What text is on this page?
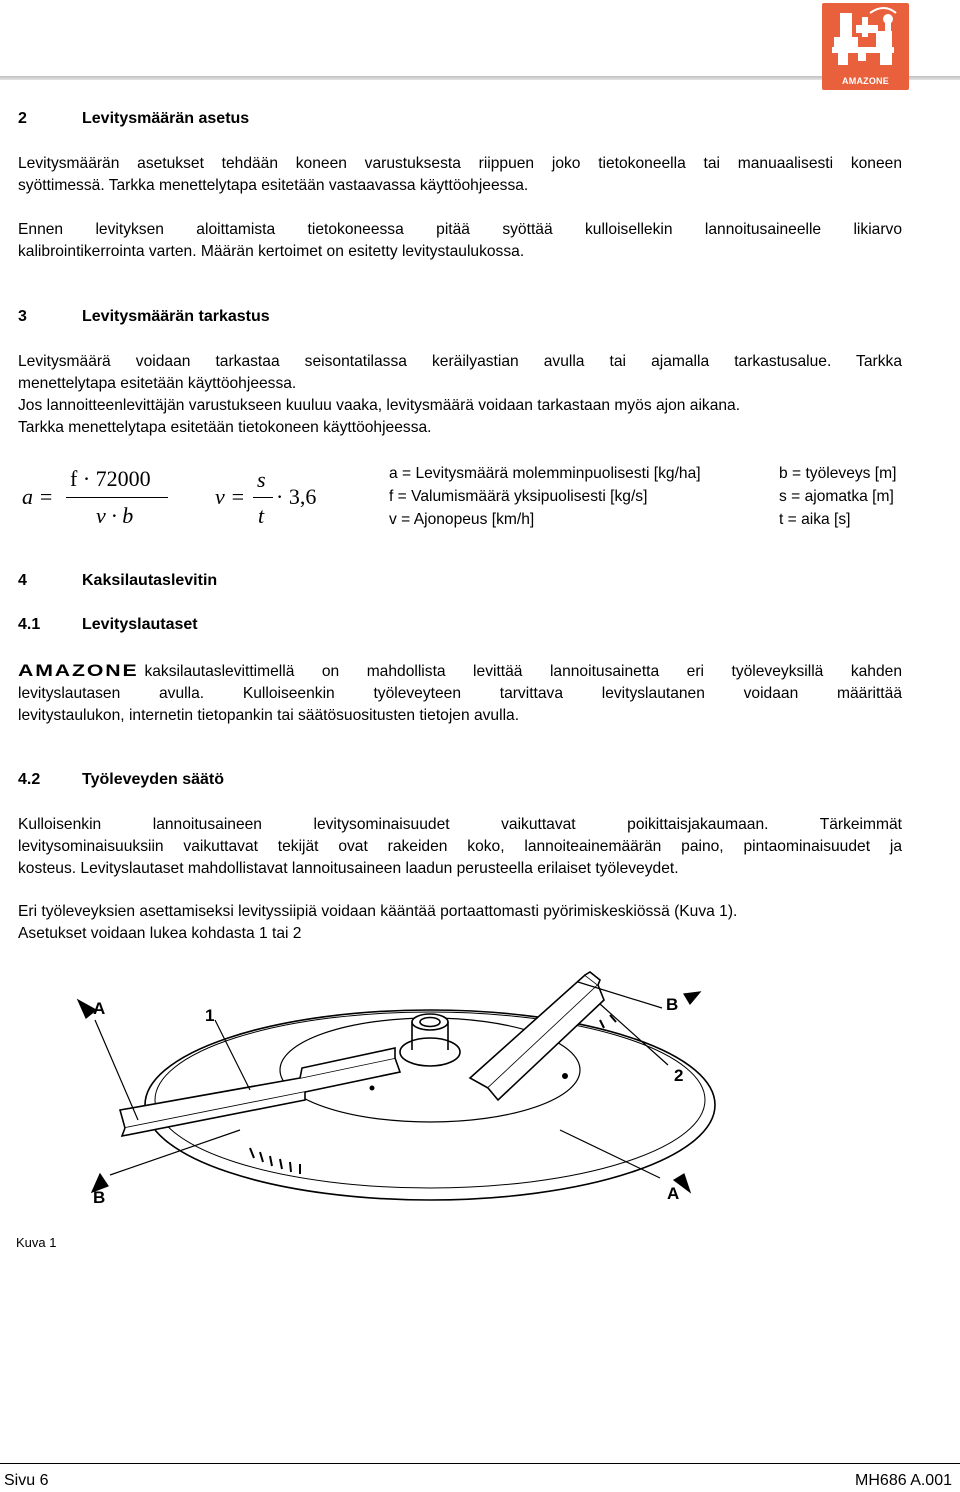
AMAZONE
2	Levitysmäärän asetus
Levitysmäärän asetukset tehdään koneen varustuksesta riippuen joko tietokoneella tai manuaalisesti koneen
syöttimessä. Tarkka menettelytapa esitetään vastaavassa käyttöohjeessa.
Ennen levityksen aloittamista tietokoneessa pitää syöttää kulloisellekin lannoitusaineelle likiarvo
kalibrointikerrointa varten. Määrän kertoimet on esitetty levitystaulukossa.
3	Levitysmäärän tarkastus
Levitysmäärä voidaan tarkastaa seisontatilassa keräilyastian avulla tai ajamalla tarkastusalue. Tarkka
menettelytapa esitetään käyttöohjeessa.
Jos lannoitteenlevittäjän varustukseen kuuluu vaaka, levitysmäärä voidaan tarkastaan myös ajon aikana.
Tarkka menettelytapa esitetään tietokoneen käyttöohjeessa.
a =
f · 72000
v · b
v =
s
t
· 3,6
a = Levitysmäärä molemminpuolisesti [kg/ha]
f = Valumismäärä yksipuolisesti [kg/s]
v = Ajonopeus [km/h]
b = työleveys [m]
s = ajomatka [m]
t = aika [s]
4	Kaksilautaslevitin
4.1	Levityslautaset
AMAZONE kaksilautaslevittimellä on mahdollista levittää lannoitusainetta eri työleveyksillä kahden
levityslautasen avulla. Kulloiseenkin työleveyteen tarvittava levityslautanen voidaan määrittää
levitystaulukon, internetin tietopankin tai säätösuositusten tietojen avulla.
4.2	Työleveyden säätö
Kulloisenkin lannoitusaineen levitysominaisuudet vaikuttavat poikittaisjakaumaan. Tärkeimmät
levitysominaisuuksiin vaikuttavat tekijät ovat rakeiden koko, lannoiteainemäärän paino, pintaominaisuudet ja
kosteus. Levityslautaset mahdollistavat lannoitusaineen laadun perusteella erilaiset työleveydet.
Eri työleveyksien asettamiseksi levityssiipiä voidaan kääntää portaattomasti pyörimiskeskiössä (Kuva 1).
Asetukset voidaan lukea kohdasta 1 tai 2
A	1
B
2
B	A
Kuva 1
Sivu 6	MH686 A.001
